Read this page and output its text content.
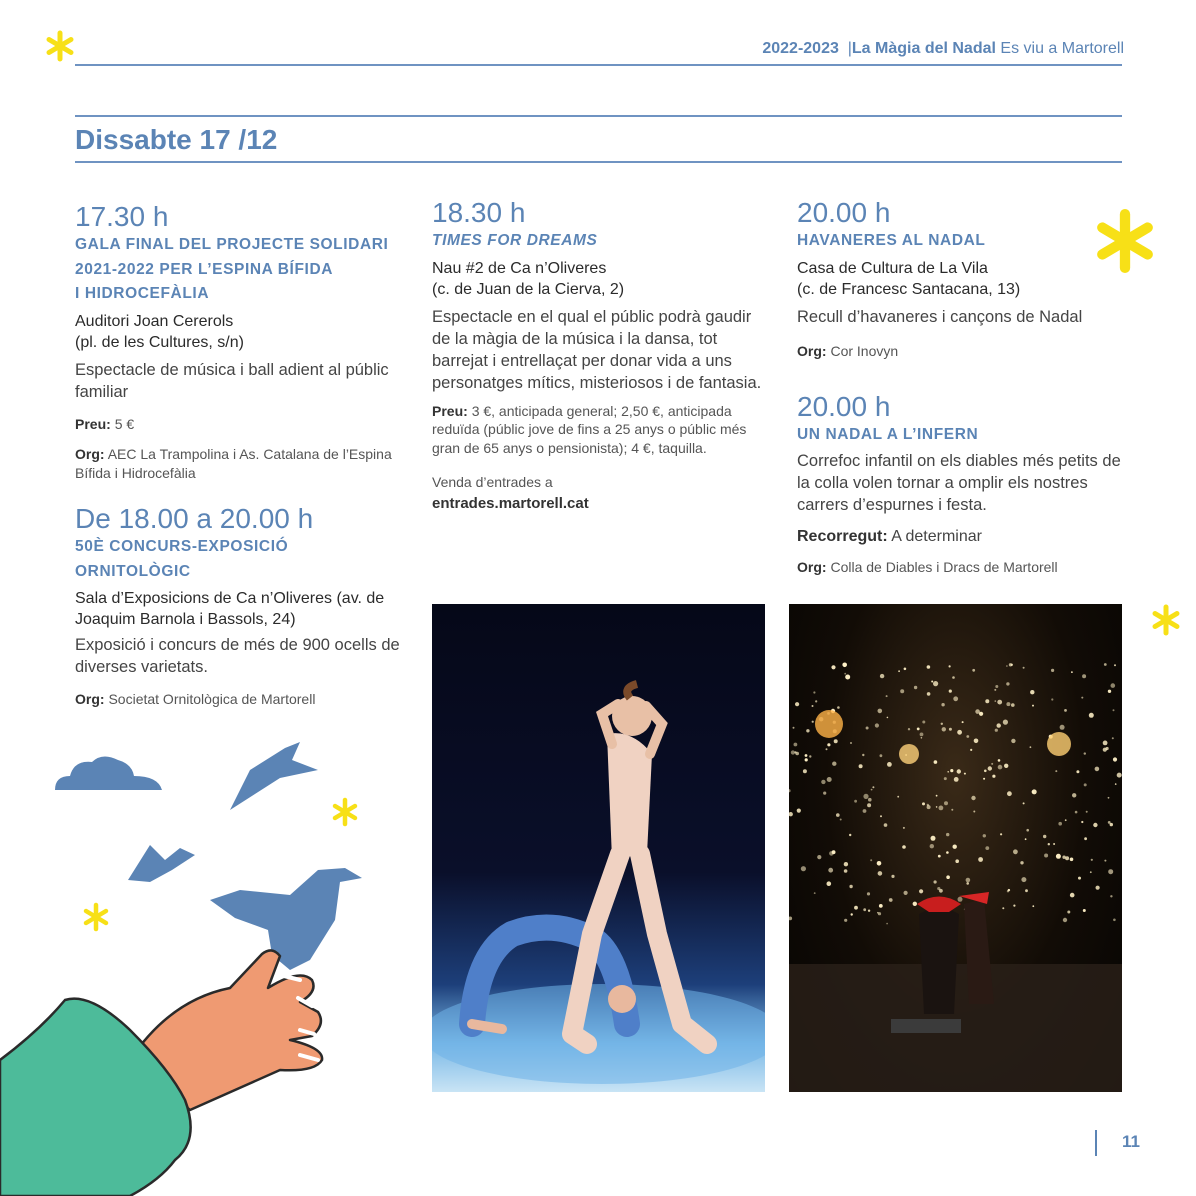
2022-2023 |La Màgia del Nadal Es viu a Martorell
Dissabte 17 /12
17.30 h
GALA FINAL DEL PROJECTE SOLIDARI
2021-2022 PER L’ESPINA BÍFIDA
I HIDROCEFÀLIA
Auditori Joan Cererols
(pl. de les Cultures, s/n)
Espectacle de música i ball adient al públic familiar
Preu: 5 €
Org: AEC La Trampolina i As. Catalana de l’Espina Bífida i Hidrocefàlia
De 18.00 a 20.00 h
50È CONCURS-EXPOSICIÓ
ORNITOLÒGIC
Sala d’Exposicions de Ca n’Oliveres (av. de Joaquim Barnola i Bassols, 24)
Exposició i concurs de més de 900 ocells de diverses varietats.
Org: Societat Ornitològica de Martorell
18.30 h
TIMES FOR DREAMS
Nau #2 de Ca n’Oliveres
(c. de Juan de la Cierva, 2)
Espectacle en el qual el públic podrà gaudir de la màgia de la música i la dansa, tot barrejat i entrellaçat per donar vida a uns personatges mítics, misteriosos i de fantasia.
Preu: 3 €, anticipada general; 2,50 €, anticipada reduïda (públic jove de fins a 25 anys o públic més gran de 65 anys o pensionista); 4 €, taquilla.
Venda d’entrades a
entrades.martorell.cat
20.00 h
HAVANERES AL NADAL
Casa de Cultura de La Vila
(c. de Francesc Santacana, 13)
Recull d’havaneres i cançons de Nadal
Org: Cor Inovyn
20.00 h
UN NADAL A L’INFERN
Correfoc infantil on els diables més petits de la colla volen tornar a omplir els nostres carrers d’espurnes i festa.
Recorregut: A determinar
Org: Colla de Diables i Dracs de Martorell
11
